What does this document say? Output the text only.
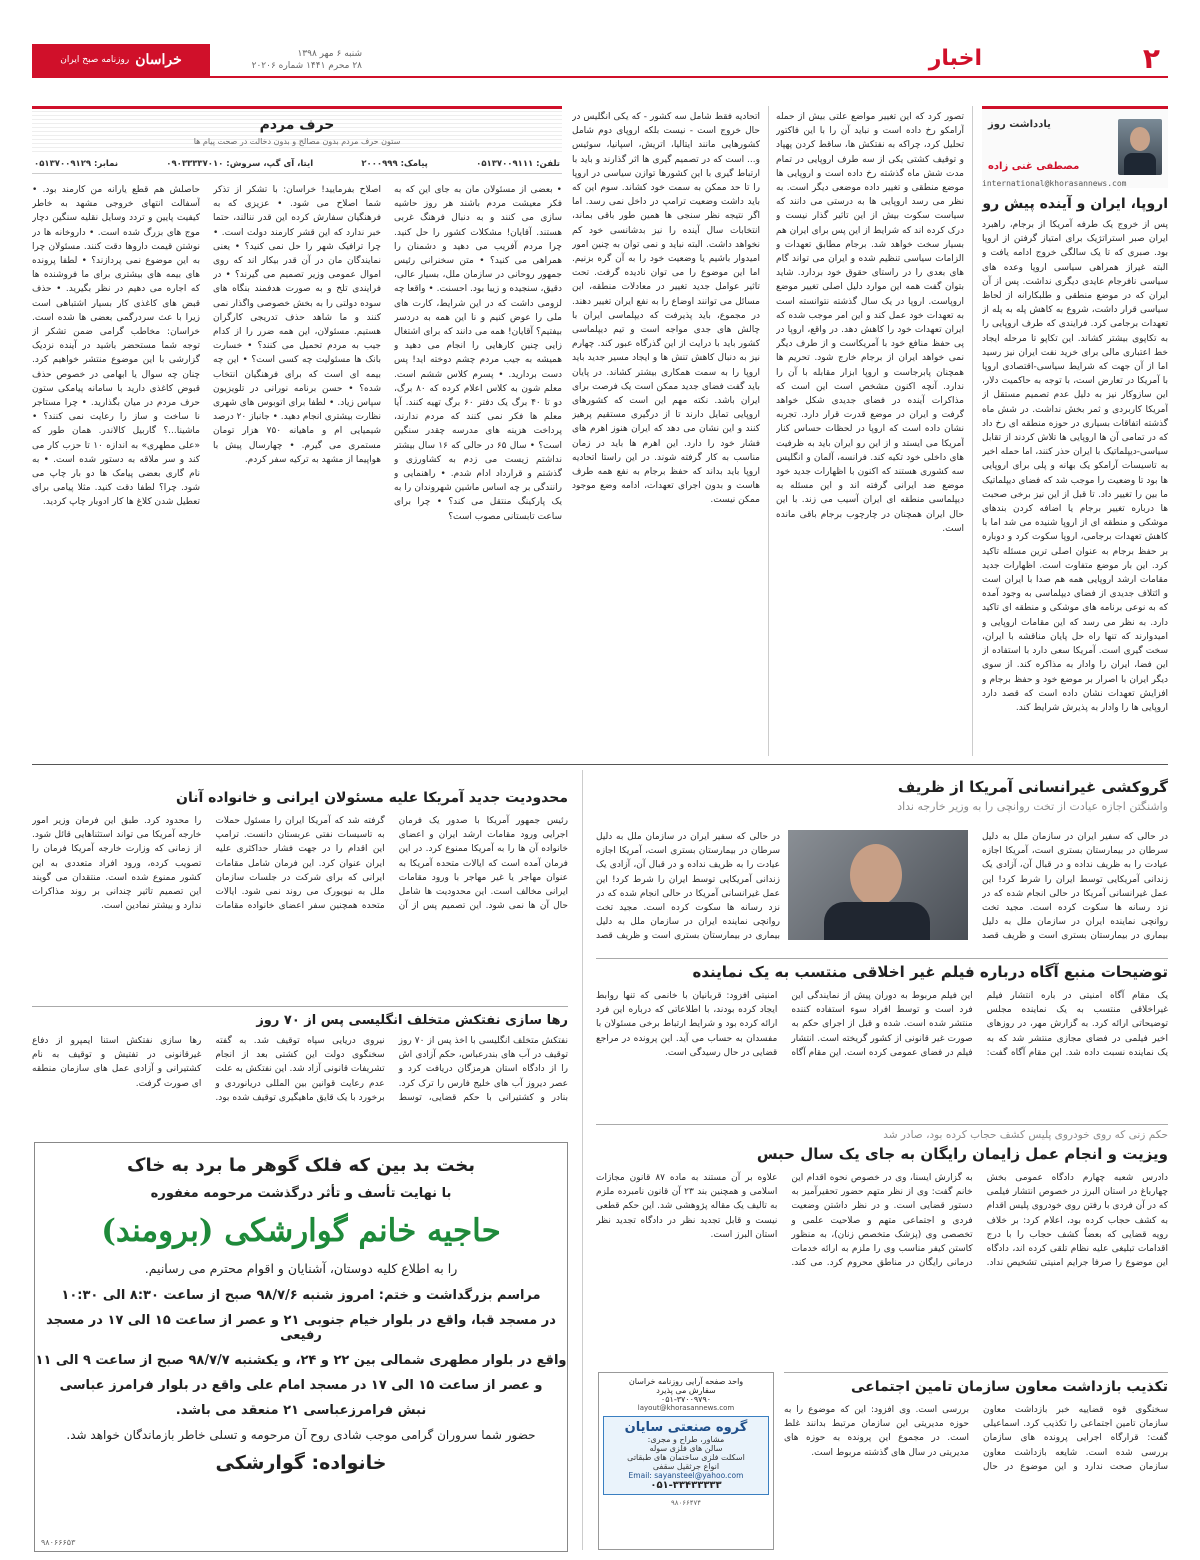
۲
اخبار
شنبه ۶ مهر ۱۳۹۸
۲۸ محرم ۱۴۴۱ شماره ۲۰۲۰۶
خراسان
روزنامه صبح ایران
یادداشت روز
مصطفی غنی زاده
international@khorasannews.com
اروپا، ایران و آینده پیش رو
پس از خروج یک طرفه آمریکا از برجام، راهبرد ایران صبر استراتژیک برای امتیاز گرفتن از اروپا بود. صبری که تا یک سالگی خروج ادامه یافت و البته غیراز همراهی سیاسی اروپا وعده های سیاسی نافرجام عایدی دیگری نداشت. پس از آن ایران که در موضع منطقی و طلبکارانه از لحاظ سیاسی قرار داشت، شروع به کاهش پله به پله از تعهدات برجامی کرد. فرایندی که طرف اروپایی را به تکاپوی بیشتر کشاند. این تکاپو تا مرحله ایجاد خط اعتباری مالی برای خرید نفت ایران نیز رسید اما از آن جهت که شرایط سیاسی-اقتصادی اروپا با آمریکا در تعارض است، با توجه به حاکمیت دلار، این سازوکار نیز به دلیل عدم تصمیم مستقل از آمریکا کاربردی و ثمر بخش نداشت. در شش ماه گذشته اتفاقات بسیاری در حوزه منطقه ای رخ داد که در تمامی آن ها اروپایی ها تلاش کردند از تقابل سیاسی-دیپلماتیک با ایران حذر کنند، اما حمله اخیر به تاسیسات آرامکو یک بهانه و پلی برای اروپایی ها بود تا وضعیت را موجب شد که فضای دیپلماتیک ما بین را تغییر داد. تا قبل از این نیز برخی صحبت ها درباره تغییر برجام یا اضافه کردن بندهای موشکی و منطقه ای از اروپا شنیده می شد اما با کاهش تعهدات برجامی، اروپا سکوت کرد و دوباره بر حفظ برجام به عنوان اصلی ترین مسئله تاکید کرد. این بار موضع متفاوت است. اظهارات جدید مقامات ارشد اروپایی همه هم صدا با ایران است و ائتلاف جدیدی از فضای دیپلماسی به وجود آمده که به نوعی برنامه های موشکی و منطقه ای تاکید دارد. به نظر می رسد که این مقامات اروپایی و امیدوارند که تنها راه حل پایان مناقشه با ایران، سخت گیری است. آمریکا سعی دارد با استفاده از این فضا، ایران را وادار به مذاکره کند. از سوی دیگر ایران با اصرار بر موضع خود و حفظ برجام و افزایش تعهدات نشان داده است که قصد دارد اروپایی ها را وادار به پذیرش شرایط کند.
تصور کرد که این تغییر مواضع علتی بیش از حمله آرامکو رخ داده است و نباید آن را با این فاکتور تحلیل کرد، چراکه به نفتکش ها، ساقط کردن پهپاد و توقیف کشتی یکی از سه طرف اروپایی در تمام مدت شش ماه گذشته رخ داده است و اروپایی ها موضع منطقی و تغییر داده موضعی دیگر است. به نظر می رسد اروپایی ها به درستی می دانند که سیاست سکوت بیش از این تاثیر گذار نیست و درک کرده اند که شرایط از این پس برای ایران هم بسیار سخت خواهد شد. برجام مطابق تعهدات و الزامات سیاسی تنظیم شده و ایران می تواند گام های بعدی را در راستای حقوق خود بردارد. شاید بتوان گفت همه این موارد دلیل اصلی تغییر موضع اروپاست. اروپا در یک سال گذشته نتوانسته است به تعهدات خود عمل کند و این امر موجب شده که ایران تعهدات خود را کاهش دهد. در واقع، اروپا در پی حفظ منافع خود با آمریکاست و از طرف دیگر نمی خواهد ایران از برجام خارج شود. تحریم ها همچنان پابرجاست و اروپا ابزار مقابله با آن را ندارد. آنچه اکنون مشخص است این است که مذاکرات آینده در فضای جدیدی شکل خواهد گرفت و ایران در موضع قدرت قرار دارد. تجربه نشان داده است که اروپا در لحظات حساس کنار آمریکا می ایستد و از این رو ایران باید به ظرفیت های داخلی خود تکیه کند. فرانسه، آلمان و انگلیس سه کشوری هستند که اکنون با اظهارات جدید خود موضع ضد ایرانی گرفته اند و این مسئله به دیپلماسی منطقه ای ایران آسیب می زند. با این حال ایران همچنان در چارچوب برجام باقی مانده است.
اتحادیه فقط شامل سه کشور - که یکی انگلیس در حال خروج است - نیست بلکه اروپای دوم شامل کشورهایی مانند ایتالیا، اتریش، اسپانیا، سوئیس و... است که در تصمیم گیری ها اثر گذارند و باید با ارتباط گیری با این کشورها توازن سیاسی در اروپا را تا حد ممکن به سمت خود کشاند. سوم این که باید داشت وضعیت ترامپ در داخل نمی رسد. اما اگر نتیجه نظر سنجی ها همین طور باقی بماند، انتخابات سال آینده را نیز بدشانسی خود کم نخواهد داشت. البته نباید و نمی توان به چنین امور امیدوار باشیم یا وضعیت خود را به آن گره بزنیم. اما این موضوع را می توان نادیده گرفت. تحت تاثیر عوامل جدید تغییر در معادلات منطقه، این مسائل می توانند اوضاع را به نفع ایران تغییر دهند. در مجموع، باید پذیرفت که دیپلماسی ایران با چالش های جدی مواجه است و تیم دیپلماسی کشور باید با درایت از این گذرگاه عبور کند. چهارم نیز به دنبال کاهش تنش ها و ایجاد مسیر جدید باید اروپا را به سمت همکاری بیشتر کشاند. در پایان باید گفت فضای جدید ممکن است یک فرصت برای ایران باشد. نکته مهم این است که کشورهای اروپایی تمایل دارند تا از درگیری مستقیم پرهیز کنند و این نشان می دهد که ایران هنوز اهرم های فشار خود را دارد. این اهرم ها باید در زمان مناسب به کار گرفته شوند. در این راستا اتحادیه اروپا باید بداند که حفظ برجام به نفع همه طرف هاست و بدون اجرای تعهدات، ادامه وضع موجود ممکن نیست.
حرف مردم
ستون حرف مردم بدون مصالح و بدون دخالت در صحت پیام ها
تلفن: ۰۵۱۳۷۰۰۹۱۱۱
پیامک: ۲۰۰۰۹۹۹
ایتا، آی گپ، سروش: ۰۹۰۳۳۳۳۷۰۱۰
نمابر: ۰۵۱۳۷۰۰۹۱۲۹
• بعضی از مسئولان مان به جای این که به فکر معیشت مردم باشند هر روز حاشیه سازی می کنند و به دنبال فرهنگ غربی هستند. آقایان! مشکلات کشور را حل کنید. چرا مردم آفریب می دهید و دشمنان را همراهی می کنید؟ • متن سخنرانی رئیس جمهور روحانی در سازمان ملل، بسیار عالی، دقیق، سنجیده و زیبا بود. احسنت. • واقعا چه لزومی داشت که در این شرایط، کارت های ملی را عوض کنیم و نا این همه به دردسر بیفتیم؟ آقایان! همه می دانند که برای اشتغال زایی چنین کارهایی را انجام می دهید و همیشه به جیب مردم چشم دوخته اید! پس دست بردارید. • پسرم کلاس ششم است. معلم شون به کلاس اعلام کرده که ۸۰ برگ، دو تا ۴۰ برگ یک دفتر ۶۰ برگ تهیه کنند. آیا معلم ها فکر نمی کنند که مردم ندارند، پرداخت هزینه های مدرسه چقدر سنگین است؟ • سال ۶۵ در حالی که ۱۶ سال بیشتر نداشتم زیست می زدم به کشاورزی و گذشتم و قرارداد ادام شدم. • راهنمایی و رانندگی بر چه اساس ماشین شهروندان را به یک پارکینگ منتقل می کند؟ • چرا برای ساعت تابستانی مصوب است؟
اصلاح بفرمایید! خراسان: با تشکر از تذکر شما اصلاح می شود. • عزیزی که به فرهنگیان سفارش کرده این قدر ننالند، حتما خبر ندارد که این قشر کارمند دولت است. • چرا ترافیک شهر را حل نمی کنید؟ • یعنی نمایندگان مان در آن قدر بیکار اند که روی اموال عمومی وزیر تصمیم می گیرند؟ • در فرایندی تلخ و به صورت هدفمند بنگاه های سوده دولتی را به بخش خصوصی واگذار نمی کنند و ما شاهد حذف تدریجی کارگران هستیم. مسئولان، این همه ضرر را از کدام جیب به مردم تحمیل می کنند؟ • خسارت بانک ها مسئولیت چه کسی است؟ • این چه بیمه ای است که برای فرهنگیان انتخاب شده؟ • حسن برنامه نورانی در تلویزیون سپاس زیاد. • لطفا برای اتوبوس های شهری نظارت بیشتری انجام دهید. • جانباز ۲۰ درصد شیمیایی ام و ماهیانه ۷۵۰ هزار تومان مستمری می گیرم. • چهارسال پیش با هواپیما از مشهد به ترکیه سفر کردم.
حاصلش هم قطع یارانه من کارمند بود. • آسفالت انتهای خروجی مشهد به خاطر کیفیت پایین و تردد وسایل نقلیه سنگین دچار موج های بزرگ شده است. • داروخانه ها در نوشتن قیمت داروها دقت کنند. مسئولان چرا به این موضوع نمی پردازند؟ • لطفا پرونده های بیمه های بیشتری برای ما فروشنده ها که اجاره می دهیم در نظر بگیرید. • حذف قبض های کاغذی کار بسیار اشتباهی است زیرا با عث سردرگمی بعضی ها شده است. خراسان: مخاطب گرامی ضمن تشکر از توجه شما مستحضر باشید در آینده نزدیک گزارشی با این موضوع منتشر خواهیم کرد. چنان چه سوال یا ابهامی در خصوص حذف قبوض کاغذی دارید با سامانه پیامکی ستون حرف مردم در میان بگذارید. • چرا مستاجر نا ساخت و ساز را رعایت نمی کنند؟ • ماشینا...؟ گاربیل کالاندر. همان طور که «علی مطهری» به اندازه ۱۰ تا حزب کار می کند و سر ملاقه به دستور شده است. • به نام گاری بعضی پیامک ها دو بار چاپ می شود. چرا؟ لطفا دقت کنید. مثلا پیامی برای تعطیل شدن کلاغ ها کار ادوبار چاپ کردید.
محدودیت جدید آمریکا علیه مسئولان ایرانی و خانواده آنان
رئیس جمهور آمریکا با صدور یک فرمان اجرایی ورود مقامات ارشد ایران و اعضای خانواده آن ها را به آمریکا ممنوع کرد. در این فرمان آمده است که ایالات متحده آمریکا به عنوان مهاجر یا غیر مهاجر با ورود مقامات ایرانی مخالف است. این محدودیت ها شامل حال آن ها نمی شود. این تصمیم پس از آن گرفته شد که آمریکا ایران را مسئول حملات به تاسیسات نفتی عربستان دانست. ترامپ این اقدام را در جهت فشار حداکثری علیه ایران عنوان کرد. این فرمان شامل مقامات ایرانی که برای شرکت در جلسات سازمان ملل به نیویورک می روند نمی شود. ایالات متحده همچنین سفر اعضای خانواده مقامات را محدود کرد. طبق این فرمان وزیر امور خارجه آمریکا می تواند استثناهایی قائل شود. از زمانی که وزارت خارجه آمریکا فرمان را تصویب کرده، ورود افراد متعددی به این کشور ممنوع شده است. منتقدان می گویند این تصمیم تاثیر چندانی بر روند مذاکرات ندارد و بیشتر نمادین است.
رها سازی نفتکش متخلف انگلیسی پس از ۷۰ روز
نفتکش متخلف انگلیسی با اخذ پس از ۷۰ روز توقیف در آب های بندرعباس، حکم آزادی اش را از دادگاه استان هرمزگان دریافت کرد و عصر دیروز آب های خلیج فارس را ترک کرد. بنادر و کشتیرانی با حکم قضایی، توسط نیروی دریایی سپاه توقیف شد. به گفته سخنگوی دولت این کشتی بعد از انجام تشریفات قانونی آزاد شد. این نفتکش به علت عدم رعایت قوانین بین المللی دریانوردی و برخورد با یک قایق ماهیگیری توقیف شده بود. رها سازی نفتکش استنا ایمپرو از دفاع غیرقانونی در تفتیش و توقیف به نام کشتیرانی و آزادی عمل های سازمان منطقه ای صورت گرفت.
گروکشی غیرانسانی آمریکا از ظریف
واشنگتن اجازه عیادت از تخت روانچی را به وزیر خارجه نداد
در حالی که سفیر ایران در سازمان ملل به دلیل سرطان در بیمارستان بستری است، آمریکا اجازه عیادت را به ظریف نداده و در قبال آن، آزادی یک زندانی آمریکایی توسط ایران را شرط کرد! این عمل غیرانسانی آمریکا در حالی انجام شده که در نزد رسانه ها سکوت کرده است. مجید تخت روانچی نماینده ایران در سازمان ملل به دلیل بیماری در بیمارستان بستری است و ظریف قصد
در حالی که سفیر ایران در سازمان ملل به دلیل سرطان در بیمارستان بستری است، آمریکا اجازه عیادت را به ظریف نداده و در قبال آن، آزادی یک زندانی آمریکایی توسط ایران را شرط کرد! این عمل غیرانسانی آمریکا در حالی انجام شده که در نزد رسانه ها سکوت کرده است. مجید تخت روانچی نماینده ایران در سازمان ملل به دلیل بیماری در بیمارستان بستری است و ظریف قصد
توضیحات منبع آگاه درباره فیلم غیر اخلاقی منتسب به یک نماینده
یک مقام آگاه امنیتی در باره انتشار فیلم غیراخلاقی منتسب به یک نماینده مجلس توضیحاتی ارائه کرد. به گزارش مهر، در روزهای اخیر فیلمی در فضای مجازی منتشر شد که به یک نماینده نسبت داده شد. این مقام آگاه گفت: این فیلم مربوط به دوران پیش از نمایندگی این فرد است و توسط افراد سوء استفاده کننده منتشر شده است. شده و قبل از اجرای حکم به صورت غیر قانونی از کشور گریخته است. انتشار فیلم در فضای عمومی کرده است. این مقام آگاه امنیتی افزود: قربانیان با خانمی که تنها روابط ایجاد کرده بودند، با اطلاعاتی که درباره این فرد ارائه کرده بود و شرایط ارتباط برخی مسئولان با مفسدان به حساب می آید. این پرونده در مراجع قضایی در حال رسیدگی است.
حکم زنی که روی خودروی پلیس کشف حجاب کرده بود، صادر شد
ویزیت و انجام عمل زایمان رایگان به جای یک سال حبس
دادرس شعبه چهارم دادگاه عمومی بخش چهارباغ در استان البرز در خصوص انتشار فیلمی که در آن فردی با رفتن روی خودروی پلیس اقدام به کشف حجاب کرده بود، اعلام کرد: بر خلاف رویه قضایی که بعضاً کشف حجاب را با درج اقدامات تبلیغی علیه نظام تلقی کرده اند، دادگاه این موضوع را صرفا جرایم امنیتی تشخیص نداد. به گزارش ایسنا، وی در خصوص نحوه اقدام این خانم گفت: وی از نظر متهم حضور تحقیرآمیز به دستور قضایی است. و در نظر داشتن وضعیت فردی و اجتماعی متهم و صلاحیت علمی و تخصصی وی (پزشک متخصص زنان)، به منظور کاستن کیفر مناسب وی را ملزم به ارائه خدمات درمانی رایگان در مناطق محروم کرد. می کند. علاوه بر آن مستند به ماده ۸۷ قانون مجازات اسلامی و همچنین بند ۲۳ آن قانون نامبرده ملزم به تالیف یک مقاله پژوهشی شد. این حکم قطعی نیست و قابل تجدید نظر در دادگاه تجدید نظر استان البرز است.
تکذیب بازداشت معاون سازمان تامین اجتماعی
سخنگوی قوه قضاییه خبر بازداشت معاون سازمان تامین اجتماعی را تکذیب کرد. اسماعیلی گفت: قرارگاه اجرایی پرونده های سازمان بررسی شده است. شایعه بازداشت معاون سازمان صحت ندارد و این موضوع در حال بررسی است. وی افزود: این که موضوع را به حوزه مدیریتی این سازمان مرتبط بدانند غلط است. در مجموع این پرونده به حوزه های مدیریتی در سال های گذشته مربوط است.
واحد صفحه آرایی روزنامه خراسان
سفارش می پذیرد
۰۵۱-۳۷۰۰۹۷۹۰
layout@khorasannews.com
گروه صنعتی سایان
مشاور، طراح و مجری:
سالن های فلزی سوله
اسکلت فلزی ساختمان های طبقاتی
انواع جرثقیل سقفی
Email: sayansteel@yahoo.com
۰۵۱-۳۳۴۳۳۳۳۳
۹۸۰۶۶۴۷۴
بخت بد بین که فلک گوهر ما برد به خاک
با نهایت تأسف و تأثر درگذشت مرحومه مغفوره
حاجیه خانم گوارشکی (برومند)
را به اطلاع کلیه دوستان، آشنایان و اقوام محترم می رسانیم.
مراسم بزرگداشت و ختم: امروز شنبه ۹۸/۷/۶ صبح از ساعت ۸:۳۰ الی ۱۰:۳۰
در مسجد قبا، واقع در بلوار خیام جنوبی ۲۱ و عصر از ساعت ۱۵ الی ۱۷ در مسجد رفیعی
واقع در بلوار مطهری شمالی بین ۲۲ و ۲۴، و یکشنبه ۹۸/۷/۷ صبح از ساعت ۹ الی ۱۱
و عصر از ساعت ۱۵ الی ۱۷ در مسجد امام علی واقع در بلوار فرامرز عباسی
نبش فرامرزعباسی ۲۱ منعقد می باشد.
حضور شما سروران گرامی موجب شادی روح آن مرحومه و تسلی خاطر بازماندگان خواهد شد.
خانواده: گوارشکی
۹۸۰۶۶۶۵۳
